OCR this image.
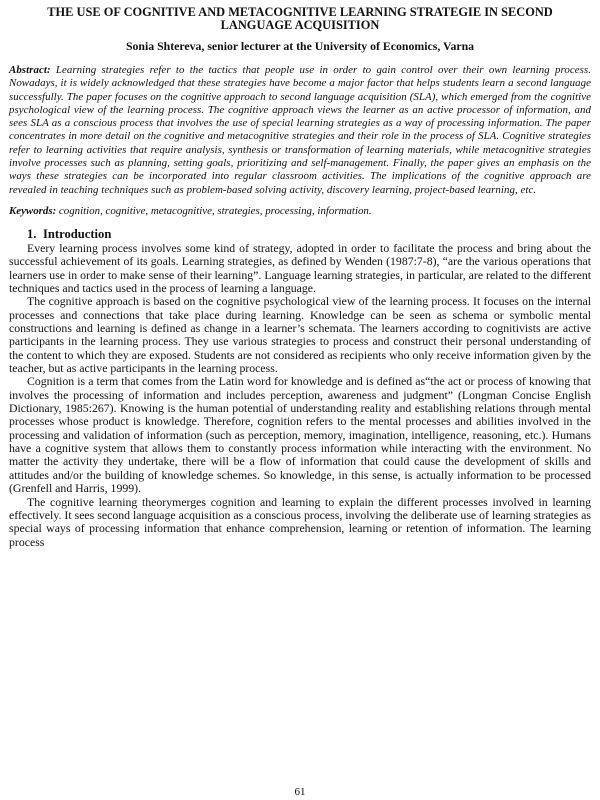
THE USE OF COGNITIVE AND METACOGNITIVE LEARNING STRATEGIE IN SECOND LANGUAGE ACQUISITION
Sonia Shtereva, senior lecturer at the University of Economics, Varna
Abstract: Learning strategies refer to the tactics that people use in order to gain control over their own learning process. Nowadays, it is widely acknowledged that these strategies have become a major factor that helps students learn a second language successfully. The paper focuses on the cognitive approach to second language acquisition (SLA), which emerged from the cognitive psychological view of the learning process. The cognitive approach views the learner as an active processor of information, and sees SLA as a conscious process that involves the use of special learning strategies as a way of processing information. The paper concentrates in more detail on the cognitive and metacognitive strategies and their role in the process of SLA. Cognitive strategies refer to learning activities that require analysis, synthesis or transformation of learning materials, while metacognitive strategies involve processes such as planning, setting goals, prioritizing and self-management. Finally, the paper gives an emphasis on the ways these strategies can be incorporated into regular classroom activities. The implications of the cognitive approach are revealed in teaching techniques such as problem-based solving activity, discovery learning, project-based learning, etc.
Keywords: cognition, cognitive, metacognitive, strategies, processing, information.
1. Introduction

Every learning process involves some kind of strategy, adopted in order to facilitate the process and bring about the successful achievement of its goals. Learning strategies, as defined by Wenden (1987:7-8), “are the various operations that learners use in order to make sense of their learning”. Language learning strategies, in particular, are related to the different techniques and tactics used in the process of learning a language.

The cognitive approach is based on the cognitive psychological view of the learning process. It focuses on the internal processes and connections that take place during learning. Knowledge can be seen as schema or symbolic mental constructions and learning is defined as change in a learner’s schemata. The learners according to cognitivists are active participants in the learning process. They use various strategies to process and construct their personal understanding of the content to which they are exposed. Students are not considered as recipients who only receive information given by the teacher, but as active participants in the learning process.

Cognition is a term that comes from the Latin word for knowledge and is defined as“the act or process of knowing that involves the processing of information and includes perception, awareness and judgment” (Longman Concise English Dictionary, 1985:267). Knowing is the human potential of understanding reality and establishing relations through mental processes whose product is knowledge. Therefore, cognition refers to the mental processes and abilities involved in the processing and validation of information (such as perception, memory, imagination, intelligence, reasoning, etc.). Humans have a cognitive system that allows them to constantly process information while interacting with the environment. No matter the activity they undertake, there will be a flow of information that could cause the development of skills and attitudes and/or the building of knowledge schemes. So knowledge, in this sense, is actually information to be processed (Grenfell and Harris, 1999).

The cognitive learning theorymerges cognition and learning to explain the different processes involved in learning effectively. It sees second language acquisition as a conscious process, involving the deliberate use of learning strategies as special ways of processing information that enhance comprehension, learning or retention of information. The learning process

61
